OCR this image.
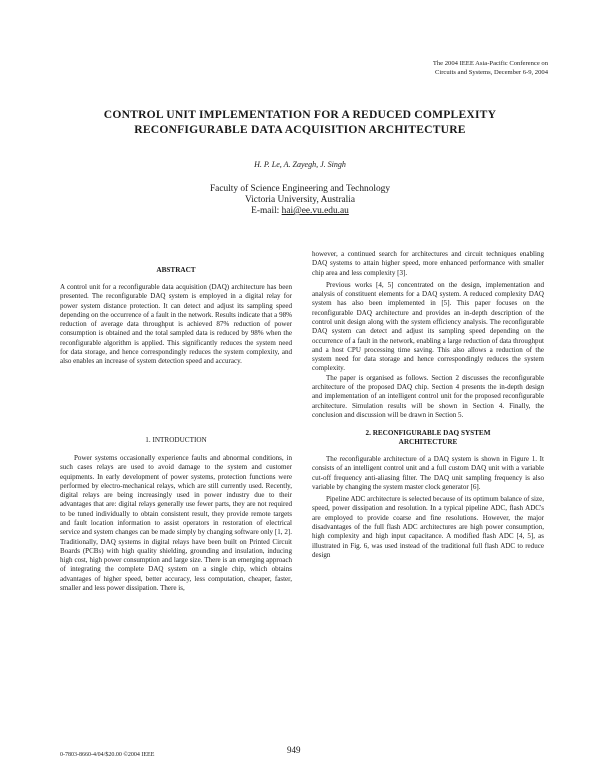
The 2004 IEEE Asia-Pacific Conference on
Circuits and Systems, December 6-9, 2004
CONTROL UNIT IMPLEMENTATION FOR A REDUCED COMPLEXITY
RECONFIGURABLE DATA ACQUISITION ARCHITECTURE
H. P. Le, A. Zayegh, J. Singh
Faculty of Science Engineering and Technology
Victoria University, Australia
E-mail: hai@ee.vu.edu.au
ABSTRACT

A control unit for a reconfigurable data acquisition (DAQ) architecture has been presented. The reconfigurable DAQ system is employed in a digital relay for power system distance protection. It can detect and adjust its sampling speed depending on the occurrence of a fault in the network. Results indicate that a 98% reduction of average data throughput is achieved 87% reduction of power consumption is obtained and the total sampled data is reduced by 98% when the reconfigurable algorithm is applied. This significantly reduces the system need for data storage, and hence correspondingly reduces the system complexity, and also enables an increase of system detection speed and accuracy.

1. INTRODUCTION

Power systems occasionally experience faults and abnormal conditions, in such cases relays are used to avoid damage to the system and customer equipments. In early development of power systems, protection functions were performed by electro-mechanical relays, which are still currently used. Recently, digital relays are being increasingly used in power industry due to their advantages that are: digital relays generally use fewer parts, they are not required to be tuned individually to obtain consistent result, they provide remote targets and fault location information to assist operators in restoration of electrical service and system changes can be made simply by changing software only [1, 2]. Traditionally, DAQ systems in digital relays have been built on Printed Circuit Boards (PCBs) with high quality shielding, grounding and insulation, inducing high cost, high power consumption and large size. There is an emerging approach of integrating the complete DAQ system on a single chip, which obtains advantages of higher speed, better accuracy, less computation, cheaper, faster, smaller and less power dissipation. There is,

however, a continued search for architectures and circuit techniques enabling DAQ systems to attain higher speed, more enhanced performance with smaller chip area and less complexity [3].

Previous works [4, 5] concentrated on the design, implementation and analysis of constituent elements for a DAQ system. A reduced complexity DAQ system has also been implemented in [5]. This paper focuses on the reconfigurable DAQ architecture and provides an in-depth description of the control unit design along with the system efficiency analysis. The reconfigurable DAQ system can detect and adjust its sampling speed depending on the occurrence of a fault in the network, enabling a large reduction of data throughput and a host CPU processing time saving. This also allows a reduction of the system need for data storage and hence correspondingly reduces the system complexity.

The paper is organised as follows. Section 2 discusses the reconfigurable architecture of the proposed DAQ chip. Section 4 presents the in-depth design and implementation of an intelligent control unit for the proposed reconfigurable architecture. Simulation results will be shown in Section 4. Finally, the conclusion and discussion will be drawn in Section 5.

2. RECONFIGURABLE DAQ SYSTEM
ARCHITECTURE

The reconfigurable architecture of a DAQ system is shown in Figure 1. It consists of an intelligent control unit and a full custom DAQ unit with a variable cut-off frequency anti-aliasing filter. The DAQ unit sampling frequency is also variable by changing the system master clock generator [6].

Pipeline ADC architecture is selected because of its optimum balance of size, speed, power dissipation and resolution. In a typical pipeline ADC, flash ADC's are employed to provide coarse and fine resolutions. However, the major disadvantages of the full flash ADC architectures are high power consumption, high complexity and high input capacitance. A modified flash ADC [4, 5], as illustrated in Fig. 6, was used instead of the traditional full flash ADC to reduce design

0-7803-8660-4/04/$20.00 ©2004 IEEE	949
